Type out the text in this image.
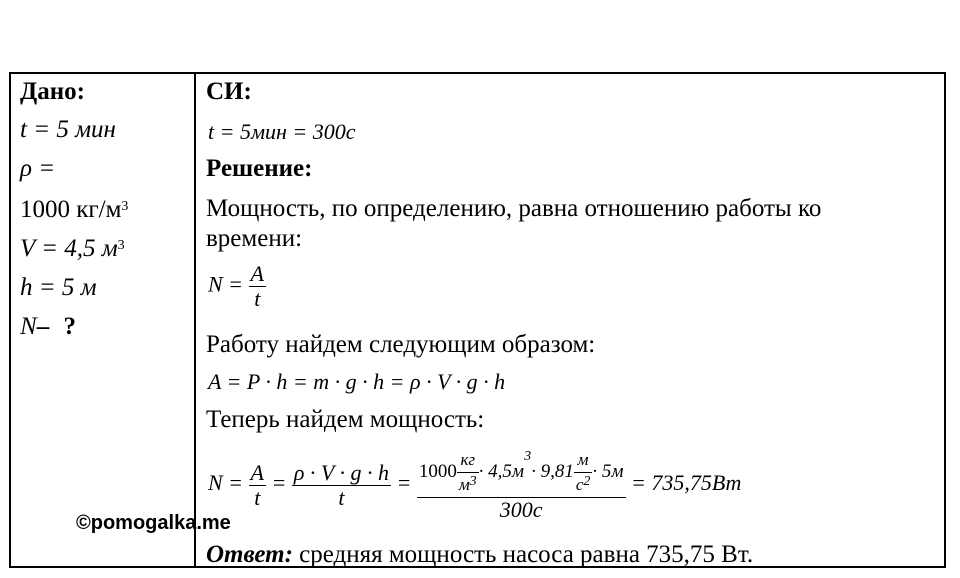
Дано:
t = 5 мин
ρ =
1000 $кг/м^3$
V = 4,5 $м^3$
h = 5 м
N– ?
СИ:
t = 5мин = 300с
Решение:
Мощность, по определению, равна отношению работы ко
времени:
$N = \frac{A}{t}$
Работу найдем следующим образом:
A = P · h = m · g · h = ρ · V · g · h
Теперь найдем мощность:
$N = \frac{A}{t} = \frac{\rho \cdot V \cdot g \cdot h}{t} = \frac{1000 \frac{кг}{м^3} \cdot 4,5м^3\cdot 9,81 \frac{м}{с^2} \cdot 5м}{300с} = 735,75Вт$
Ответ: средняя мощность насоса равна 735,75 Вт.
©pomogalka.me
